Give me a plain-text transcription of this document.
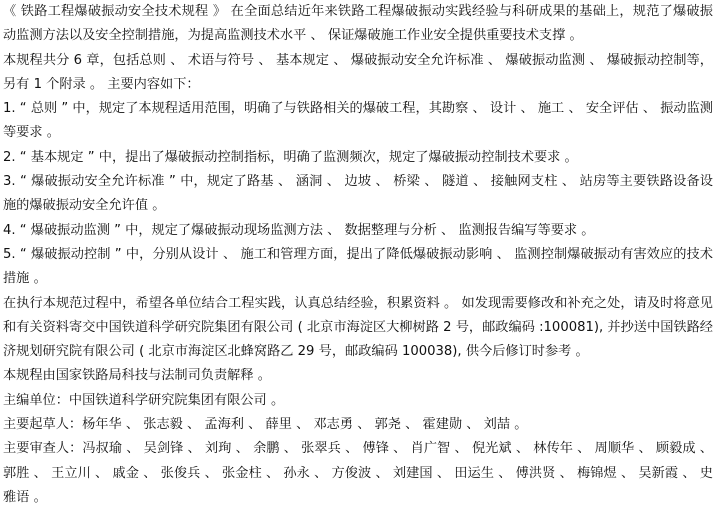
《 铁路工程爆破振动安全技术规程 》 在全面总结近年来铁路工程爆破振动实践经验与科研成果的基础上，规范了爆破振动监测方法以及安全控制措施，为提高监测技术水平 、 保证爆破施工作业安全提供重要技术支撑 。

本规程共分 6 章，包括总则 、 术语与符号 、 基本规定 、 爆破振动安全允许标准 、 爆破振动监测 、 爆破振动控制等，另有 1 个附录 。 主要内容如下：

1. “ 总则 ” 中，规定了本规程适用范围，明确了与铁路相关的爆破工程，其勘察 、 设计 、 施工 、 安全评估 、 振动监测等要求 。

2. “ 基本规定 ” 中，提出了爆破振动控制指标，明确了监测频次，规定了爆破振动控制技术要求 。

3. “ 爆破振动安全允许标准 ” 中，规定了路基 、 涵洞 、 边坡 、 桥梁 、 隧道 、 接触网支柱 、 站房等主要铁路设备设施的爆破振动安全允许值 。

4. “ 爆破振动监测 ” 中，规定了爆破振动现场监测方法 、 数据整理与分析 、 监测报告编写等要求 。

5. “ 爆破振动控制 ” 中，分别从设计 、 施工和管理方面，提出了降低爆破振动影响 、 监测控制爆破振动有害效应的技术措施 。

在执行本规范过程中，希望各单位结合工程实践，认真总结经验，积累资料 。 如发现需要修改和补充之处，请及时将意见和有关资料寄交中国铁道科学研究院集团有限公司 ( 北京市海淀区大柳树路 2 号，邮政编码 :100081), 并抄送中国铁路经济规划研究院有限公司 ( 北京市海淀区北蜂窝路乙 29 号，邮政编码 100038), 供今后修订时参考 。

本规程由国家铁路局科技与法制司负责解释 。

主编单位：中国铁道科学研究院集团有限公司 。

主要起草人：杨年华 、 张志毅 、 孟海利 、 薛里 、 邓志勇 、 郭尧 、 霍建勋 、 刘喆 。

主要审查人：冯叔瑜 、 吴剑锋 、 刘珣 、 余鹏 、 张翠兵 、 傅锋 、 肖广智 、 倪光斌 、 林传年 、 周顺华 、 顾毅成 、 郭胜 、 王立川 、 戚金 、 张俊兵 、 张金柱 、 孙永 、 方俊波 、 刘建国 、 田运生 、 傅洪贤 、 梅锦煜 、 吴新霞 、 史雅语 。
